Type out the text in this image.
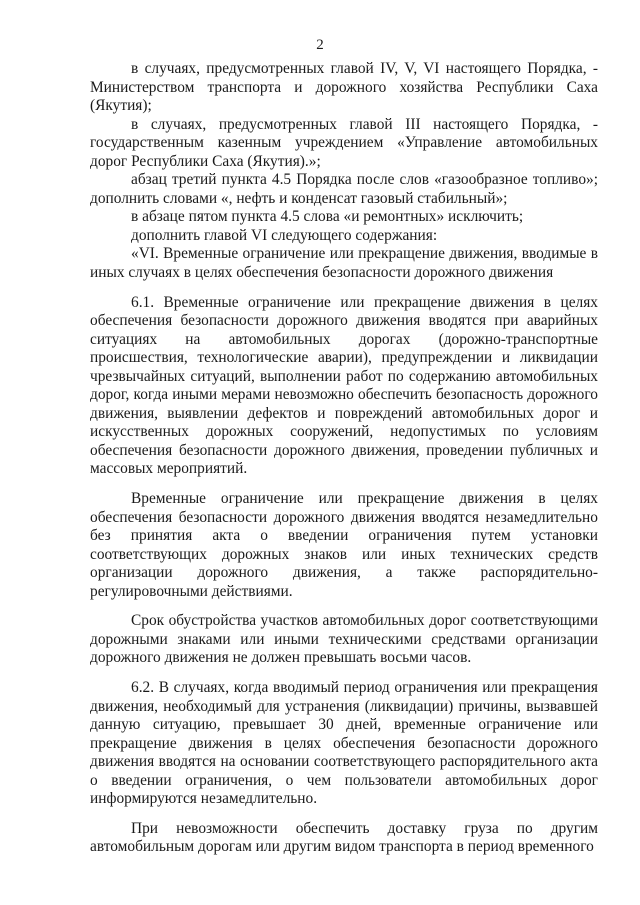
2

в случаях, предусмотренных главой IV, V, VI настоящего Порядка, - Министерством транспорта и дорожного хозяйства Республики Саха (Якутия);

в случаях, предусмотренных главой III настоящего Порядка, - государственным казенным учреждением «Управление автомобильных дорог Республики Саха (Якутия).»;

абзац третий пункта 4.5 Порядка после слов «газообразное топливо»; дополнить словами «, нефть и конденсат газовый стабильный»;

в абзаце пятом пункта 4.5 слова «и ремонтных» исключить;

дополнить главой VI следующего содержания:

«VI. Временные ограничение или прекращение движения, вводимые в иных случаях в целях обеспечения безопасности дорожного движения

6.1. Временные ограничение или прекращение движения в целях обеспечения безопасности дорожного движения вводятся при аварийных ситуациях на автомобильных дорогах (дорожно-транспортные происшествия, технологические аварии), предупреждении и ликвидации чрезвычайных ситуаций, выполнении работ по содержанию автомобильных дорог, когда иными мерами невозможно обеспечить безопасность дорожного движения, выявлении дефектов и повреждений автомобильных дорог и искусственных дорожных сооружений, недопустимых по условиям обеспечения безопасности дорожного движения, проведении публичных и массовых мероприятий.

Временные ограничение или прекращение движения в целях обеспечения безопасности дорожного движения вводятся незамедлительно без принятия акта о введении ограничения путем установки соответствующих дорожных знаков или иных технических средств организации дорожного движения, а также распорядительно-регулировочными действиями.

Срок обустройства участков автомобильных дорог соответствующими дорожными знаками или иными техническими средствами организации дорожного движения не должен превышать восьми часов.

6.2. В случаях, когда вводимый период ограничения или прекращения движения, необходимый для устранения (ликвидации) причины, вызвавшей данную ситуацию, превышает 30 дней, временные ограничение или прекращение движения в целях обеспечения безопасности дорожного движения вводятся на основании соответствующего распорядительного акта о введении ограничения, о чем пользователи автомобильных дорог информируются незамедлительно.

При невозможности обеспечить доставку груза по другим автомобильным дорогам или другим видом транспорта в период временного
